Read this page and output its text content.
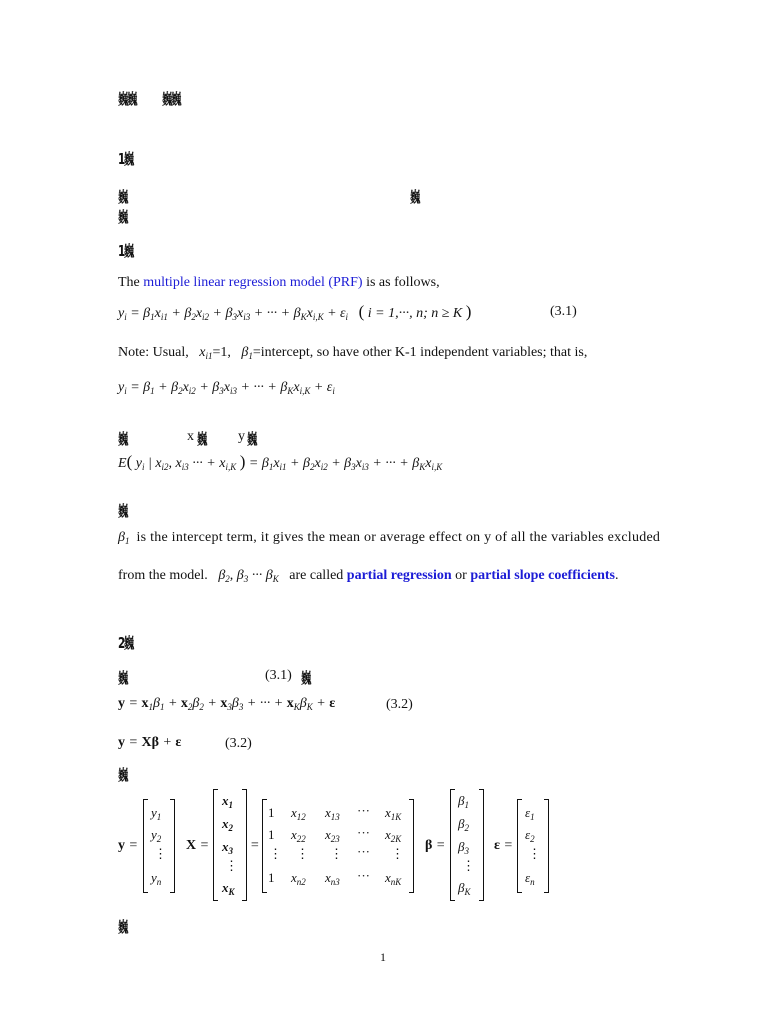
巍巍 巍巍
1巍
巍	巍
巍
1巍
The multiple linear regression model (PRF) is as follows,
$y_i = \beta_1x_{i1} + \beta_2x_{i2} + \beta_3x_{i3}$ + ··· + $\beta_Kx_{i,K} + \varepsilon_i$ ( i = 1,···, n; n ≥ K )	(3.1)
Note: Usual,   $x_{i1}=1$,   $\beta_1=intercept$, so have other K-1 independent variables; that is,
$y_i = \beta_1 + \beta_2x_{i2} + \beta_3x_{i3}$ + ··· + $\beta_Kx_{i,K} + \varepsilon_i$
巍	x 巍 y 巍
E( $y_i$ | $x_{i2}$, $x_{i3}$ ··· + $x_{i,K}$ ) = $\beta_1x_{i1} + \beta_2x_{i2} + \beta_3x_{i3}$ + ··· + $\beta_Kx_{i,K}$
巍
$\beta_1$ is the intercept term, it gives the mean or average effect on y of all the variables excluded
from the model.   $\beta_2$, $\beta_3$ ··· $\beta_K$ are called partial regression or partial slope coefficients.
2巍
巍	(3.1) 巍
$y = x_1\beta_1 + x_2\beta_2 + x_3\beta_3$ + ··· + $x_K\beta_K + \varepsilon$	(3.2)
y = Xβ + ε	(3.2)
巍
y =
$y_1$
$y_2$
⋮
$y_n$
X =
$x_1$
$x_2$
$x_3$
⋮
$x_K$
=
1 $x_{12}$ $x_{13}$ ··· $x_{1K}$
1 $x_{22}$ $x_{23}$ ··· $x_{2K}$
⋮ ⋮ ⋮ ··· ⋮
1 $x_{n2}$ $x_{n3}$ ··· $x_{nK}$
β =
$\beta_1$
$\beta_2$
$\beta_3$
⋮
$\beta_K$
ε =
$\varepsilon_1$
$\varepsilon_2$
⋮
$\varepsilon_n$
巍
1
